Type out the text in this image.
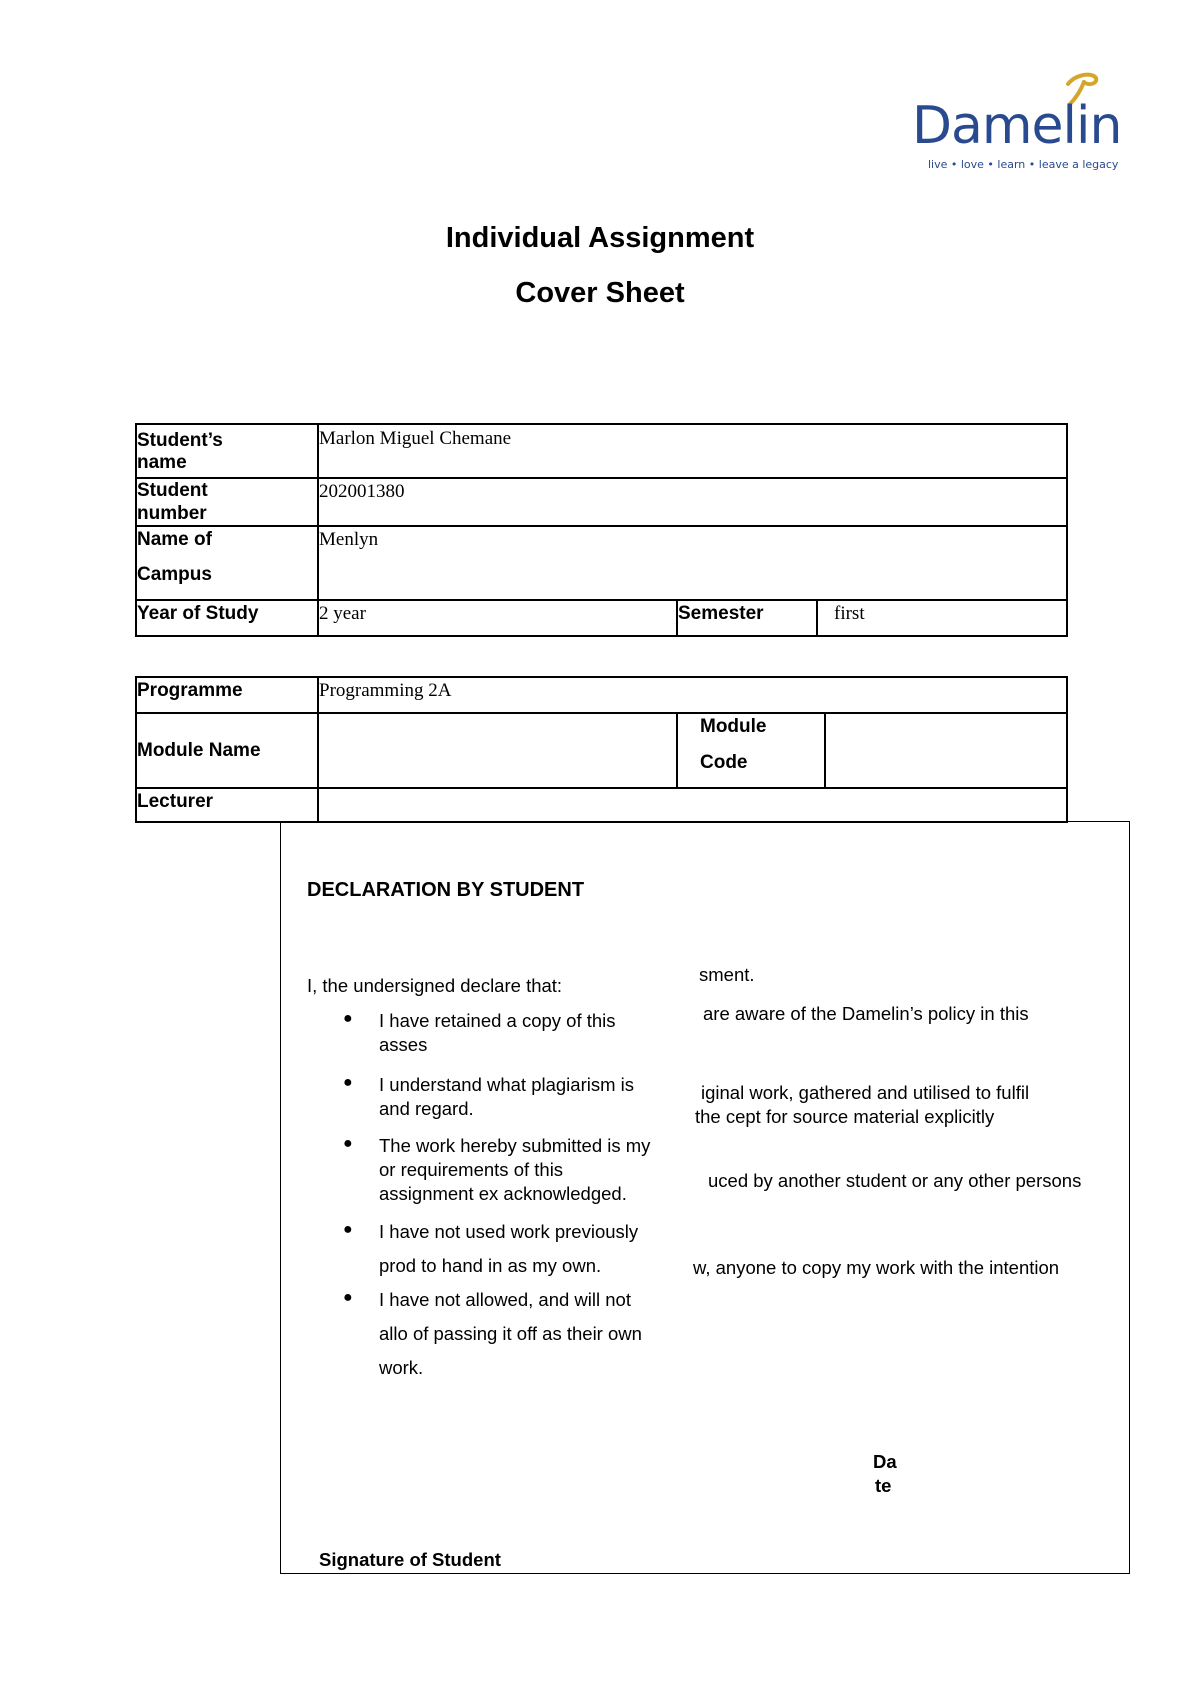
Damelin
live • love • learn • leave a legacy
Individual Assignment
Cover Sheet
Student’s
name	Marlon Miguel Chemane		

Student
number	202001380		

Name of
Campus	Menlyn		
Year of Study	2 year	Semester	first
Programme	Programming 2A		
Module Name		Module
Code	

Lecturer			
DECLARATION BY STUDENT
I, the undersigned declare that:
● I have retained a copy of this
asses
● I understand what plagiarism is
and regard.
● The work hereby submitted is my
or requirements of this
assignment ex acknowledged.
● I have not used work previously
prod to hand in as my own.
● I have not allowed, and will not
allo of passing it off as their own
work.
sment.
are aware of the Damelin’s policy in this
iginal work, gathered and utilised to fulfil
the cept for source material explicitly
uced by another student or any other persons
w, anyone to copy my work with the intention
Da
te
Signature of Student
